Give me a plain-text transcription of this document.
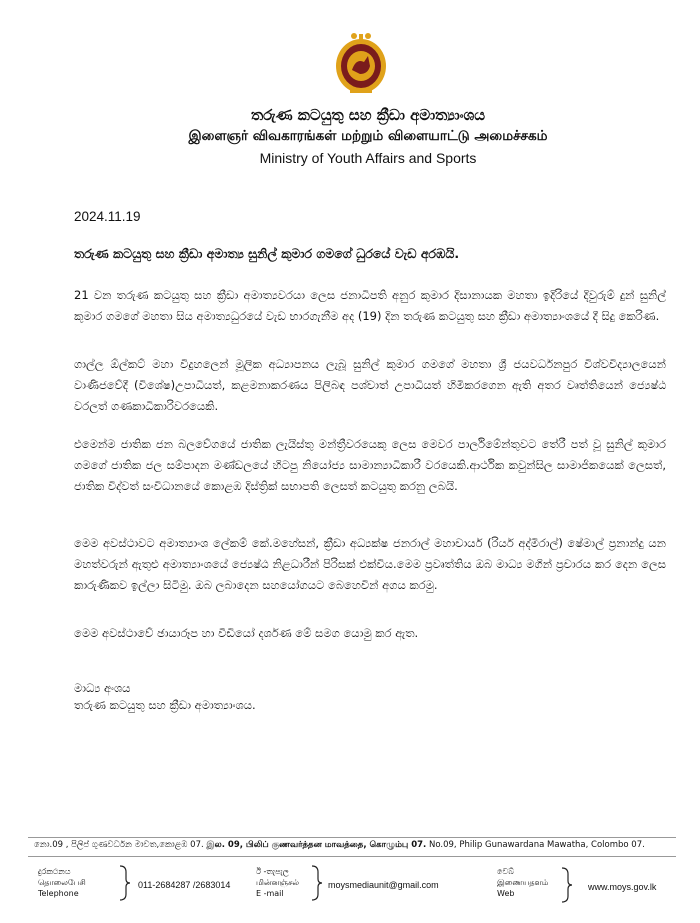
තරුණ කටයුතු සහ ක්‍රීඩා අමාත්‍යාංශය
இளைஞர் விவகாரங்கள் மற்றும் விளையாட்டு அமைச்சகம்
Ministry of Youth Affairs and Sports
2024.11.19
තරුණ කටයුතු සහ ක්‍රීඩා අමාත්‍ය සුනිල් කුමාර ගමගේ ධුරයේ වැඩ අරඹයි.
21 වන තරුණ කටයුතු සහ ක්‍රීඩා අමාත්‍යවරයා ලෙස ජනාධිපති අනුර කුමාර දිසානායක මහතා ඉදිරියේ දිවුරුම් දුන් සුනිල් කුමාර ගමගේ මහතා සිය අමාත්‍යධුරයේ වැඩ භාරගැනීම අද (19) දින තරුණ කටයුතු සහ ක්‍රීඩා අමාත්‍යාංශයේ දී සිදු කෙරිණ.
ගාල්ල ඕල්කට් මහා විදුහලෙන් මූලික අධ්‍යාපනය ලැබූ සුනිල් කුමාර ගමගේ මහතා ශ්‍රී ජයවර්ධනපුර විශ්වවිද්‍යාලයෙන් වාණිජවේදී (විශේෂ)උපාධියත්, කළමනාකරණය පිලිබඳ පශ්චාත් උපාධියත් හිමිකරගෙන ඇති අතර වෘත්තියෙන් ජ්‍යෙෂ්ඨ වරලත් ගණකාධිකාරිවරයෙකි.
එමෙන්ම ජාතික ජන බලවේගයේ ජාතික ලැයිස්තු මන්ත්‍රීවරයෙකු ලෙස මෙවර පාර්ලිමේන්තුවට තේරී පත් වූ සුනිල් කුමාර ගමගේ ජාතික ජල සම්පාදන මණ්ඩලයේ හිටපු නියෝජ්‍ය සාමාන්‍යාධිකාරී වරයෙකි.ආර්ථික කවුන්සිල සාමාජිකයෙක් ලෙසත්, ජාතික විද්වත් සංවිධානයේ කොළඹ දිස්ත්‍රික් සභාපති ලෙසත් කටයුතු කරනු ලබයි.
මෙම අවස්ථාවට අමාත්‍යාංශ ලේකම් කේ.මහේසන්, ක්‍රීඩා අධ්‍යක්ෂ ජනරාල් මහාචාර්ය (රියර් අද්මිරාල්) ෂේමාල් ප්‍රනාන්දු යන මහත්වරුන් ඇතුළු අමාත්‍යාංශයේ ජ්‍යෙෂ්ඨ නිළධාරීන් පිරිසක් එක්විය.මෙම ප්‍රවෘත්තිය ඔබ මාධ්‍ය මගින් ප්‍රචාරය කර දෙන ලෙස කාරුණිකව ඉල්ලා සිටිමු. ඔබ ලබාදෙන සහයෝගයට බෙහෙවින් අගය කරමු.
මෙම අවස්ථාවේ ඡායාරූප හා වීඩියෝ දර්ශණ මේ සමග යොමු කර ඇත.
මාධ්‍ය අංශය
තරුණ කටයුතු සහ ක්‍රීඩා අමාත්‍යාංශය.
නො.09 , පිලිප් ගුණවර්ධන මාවත,කොළඹ 07. இல. 09, பிலிப் குணவர்த்தன மாவத்தை, கொழும்பு 07. No.09, Philip Gunawardana Mawatha, Colombo 07.
දුරකථනය
தொலைபேசி
Telephone
011-2684287 /2683014
ඊ -තැපැල
மின்னஞ்சல்
E -mail
moysmediaunit@gmail.com
වෙබ්
இணையதளம்
Web
www.moys.gov.lk
